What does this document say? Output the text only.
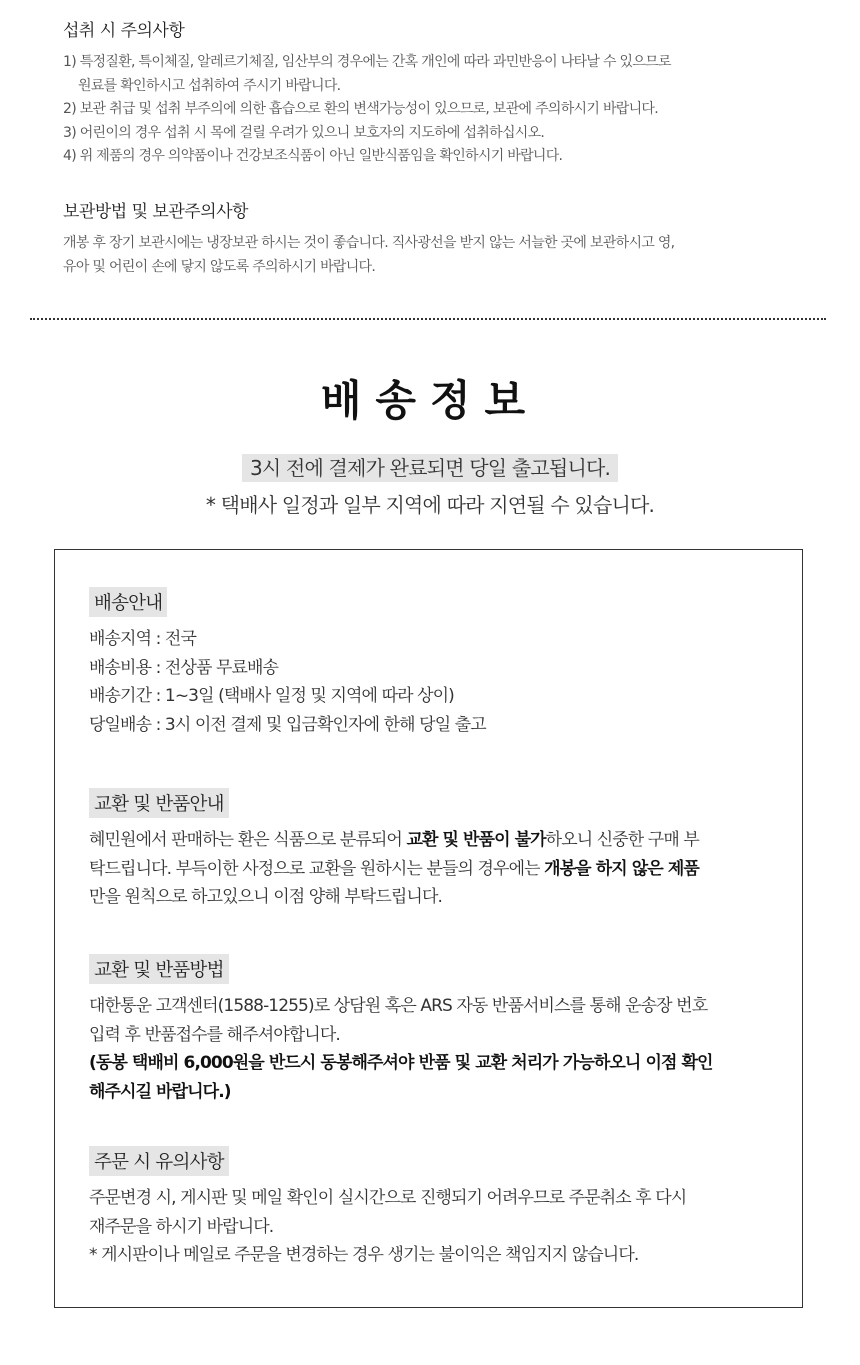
섭취 시 주의사항

1) 특정질환, 특이체질, 알레르기체질, 임산부의 경우에는 간혹 개인에 따라 과민반응이 나타날 수 있으므로

원료를 확인하시고 섭취하여 주시기 바랍니다.

2) 보관 취급 및 섭취 부주의에 의한 흡습으로 환의 변색가능성이 있으므로, 보관에 주의하시기 바랍니다.

3) 어린이의 경우 섭취 시 목에 걸릴 우려가 있으니 보호자의 지도하에 섭취하십시오.

4) 위 제품의 경우 의약품이나 건강보조식품이 아닌 일반식품임을 확인하시기 바랍니다.

보관방법 및 보관주의사항

개봉 후 장기 보관시에는 냉장보관 하시는 것이 좋습니다. 직사광선을 받지 않는 서늘한 곳에 보관하시고 영,

유아 및 어린이 손에 닿지 않도록 주의하시기 바랍니다.

배송정보
3시 전에 결제가 완료되면 당일 출고됩니다.
* 택배사 일정과 일부 지역에 따라 지연될 수 있습니다.
배송안내
배송지역 : 전국
배송비용 : 전상품 무료배송
배송기간 : 1~3일 (택배사 일정 및 지역에 따라 상이)
당일배송 : 3시 이전 결제 및 입금확인자에 한해 당일 출고
교환 및 반품안내
혜민원에서 판매하는 환은 식품으로 분류되어 교환 및 반품이 불가하오니 신중한 구매 부
탁드립니다. 부득이한 사정으로 교환을 원하시는 분들의 경우에는 개봉을 하지 않은 제품
만을 원칙으로 하고있으니 이점 양해 부탁드립니다.
교환 및 반품방법
대한통운 고객센터(1588-1255)로 상담원 혹은 ARS 자동 반품서비스를 통해 운송장 번호
입력 후 반품접수를 해주셔야합니다.
(동봉 택배비 6,000원을 반드시 동봉해주셔야 반품 및 교환 처리가 가능하오니 이점 확인
해주시길 바랍니다.)
주문 시 유의사항
주문변경 시, 게시판 및 메일 확인이 실시간으로 진행되기 어려우므로 주문취소 후 다시
재주문을 하시기 바랍니다.
* 게시판이나 메일로 주문을 변경하는 경우 생기는 불이익은 책임지지 않습니다.
